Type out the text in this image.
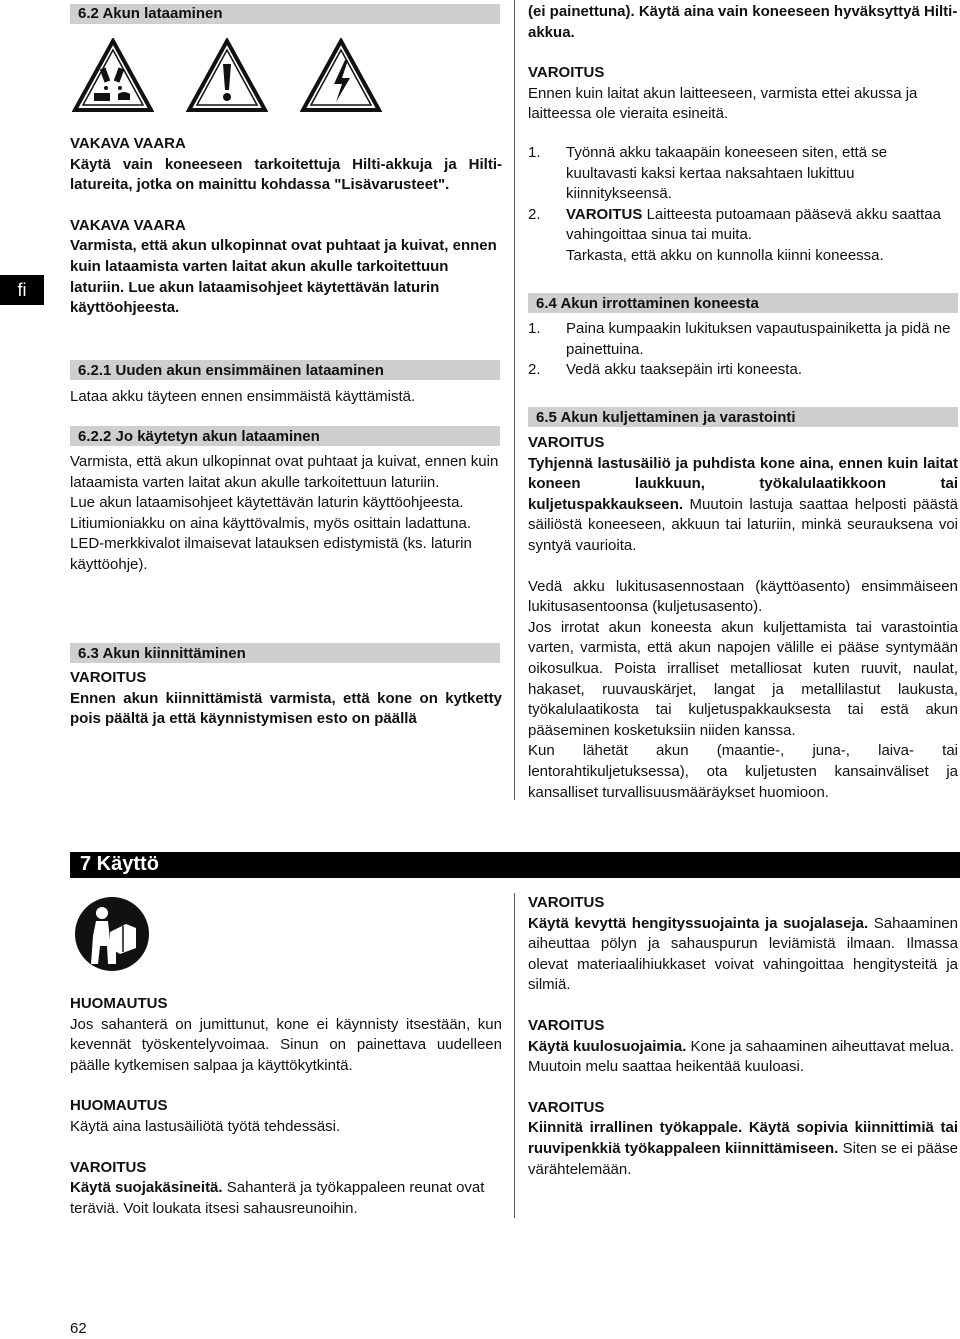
fi
6.2 Akun lataaminen

VAKAVA VAARA

Käytä vain koneeseen tarkoitettuja Hilti-akkuja ja Hilti-latureita, jotka on mainittu kohdassa "Lisävarusteet".

VAKAVA VAARA

Varmista, että akun ulkopinnat ovat puhtaat ja kuivat, ennen kuin lataamista varten laitat akun akulle tarkoitettuun laturiin. Lue akun lataamisohjeet käytettävän laturin käyttöohjeesta.

6.2.1 Uuden akun ensimmäinen lataaminen

Lataa akku täyteen ennen ensimmäistä käyttämistä.

6.2.2 Jo käytetyn akun lataaminen

Varmista, että akun ulkopinnat ovat puhtaat ja kuivat, ennen kuin lataamista varten laitat akun akulle tarkoitettuun laturiin.

Lue akun lataamisohjeet käytettävän laturin käyttöohjeesta.

Litiumioniakku on aina käyttövalmis, myös osittain ladattuna. LED-merkkivalot ilmaisevat latauksen edistymistä (ks. laturin käyttöohje).

6.3 Akun kiinnittäminen

VAROITUS

Ennen akun kiinnittämistä varmista, että kone on kytketty pois päältä ja että käynnistymisen esto on päällä

(ei painettuna). Käytä aina vain koneeseen hyväksyttyä Hilti-akkua.

VAROITUS

Ennen kuin laitat akun laitteeseen, varmista ettei akussa ja laitteessa ole vieraita esineitä.

1.	Työnnä akku takaapäin koneeseen siten, että se kuultavasti kaksi kertaa naksahtaen lukittuu kiinnitykseensä.
2.	VAROITUS Laitteesta putoamaan pääsevä akku saattaa vahingoittaa sinua tai muita.
Tarkasta, että akku on kunnolla kiinni koneessa.
6.4 Akun irrottaminen koneesta
1.	Paina kumpaakin lukituksen vapautuspainiketta ja pidä ne painettuina.
2.	Vedä akku taaksepäin irti koneesta.
6.5 Akun kuljettaminen ja varastointi

VAROITUS

Tyhjennä lastusäiliö ja puhdista kone aina, ennen kuin laitat koneen laukkuun, työkalulaatikkoon tai kuljetuspakkaukseen. Muutoin lastuja saattaa helposti päästä säiliöstä koneeseen, akkuun tai laturiin, minkä seurauksena voi syntyä vaurioita.

Vedä akku lukitusasennostaan (käyttöasento) ensimmäiseen lukitusasentoonsa (kuljetusasento).

Jos irrotat akun koneesta akun kuljettamista tai varastointia varten, varmista, että akun napojen välille ei pääse syntymään oikosulkua. Poista irralliset metalliosat kuten ruuvit, naulat, hakaset, ruuvauskärjet, langat ja metallilastut laukusta, työkalulaatikosta tai kuljetuspakkauksesta tai estä akun pääseminen kosketuksiin niiden kanssa.

Kun lähetät akun (maantie-, juna-, laiva- tai lentorahtikuljetuksessa), ota kuljetusten kansainväliset ja kansalliset turvallisuusmääräykset huomioon.

7 Käyttö

HUOMAUTUS

Jos sahanterä on jumittunut, kone ei käynnisty itsestään, kun kevennät työskentelyvoimaa. Sinun on painettava uudelleen päälle kytkemisen salpaa ja käyttökytkintä.

HUOMAUTUS

Käytä aina lastusäiliötä työtä tehdessäsi.

VAROITUS

Käytä suojakäsineitä. Sahanterä ja työkappaleen reunat ovat teräviä. Voit loukata itsesi sahausreunoihin.

VAROITUS

Käytä kevyttä hengityssuojainta ja suojalaseja. Sahaaminen aiheuttaa pölyn ja sahauspurun leviämistä ilmaan. Ilmassa olevat materiaalihiukkaset voivat vahingoittaa hengitysteitä ja silmiä.

VAROITUS

Käytä kuulosuojaimia. Kone ja sahaaminen aiheuttavat melua. Muutoin melu saattaa heikentää kuuloasi.

VAROITUS

Kiinnitä irrallinen työkappale. Käytä sopivia kiinnittimiä tai ruuvipenkkiä työkappaleen kiinnittämiseen. Siten se ei pääse värähtelemään.

62
